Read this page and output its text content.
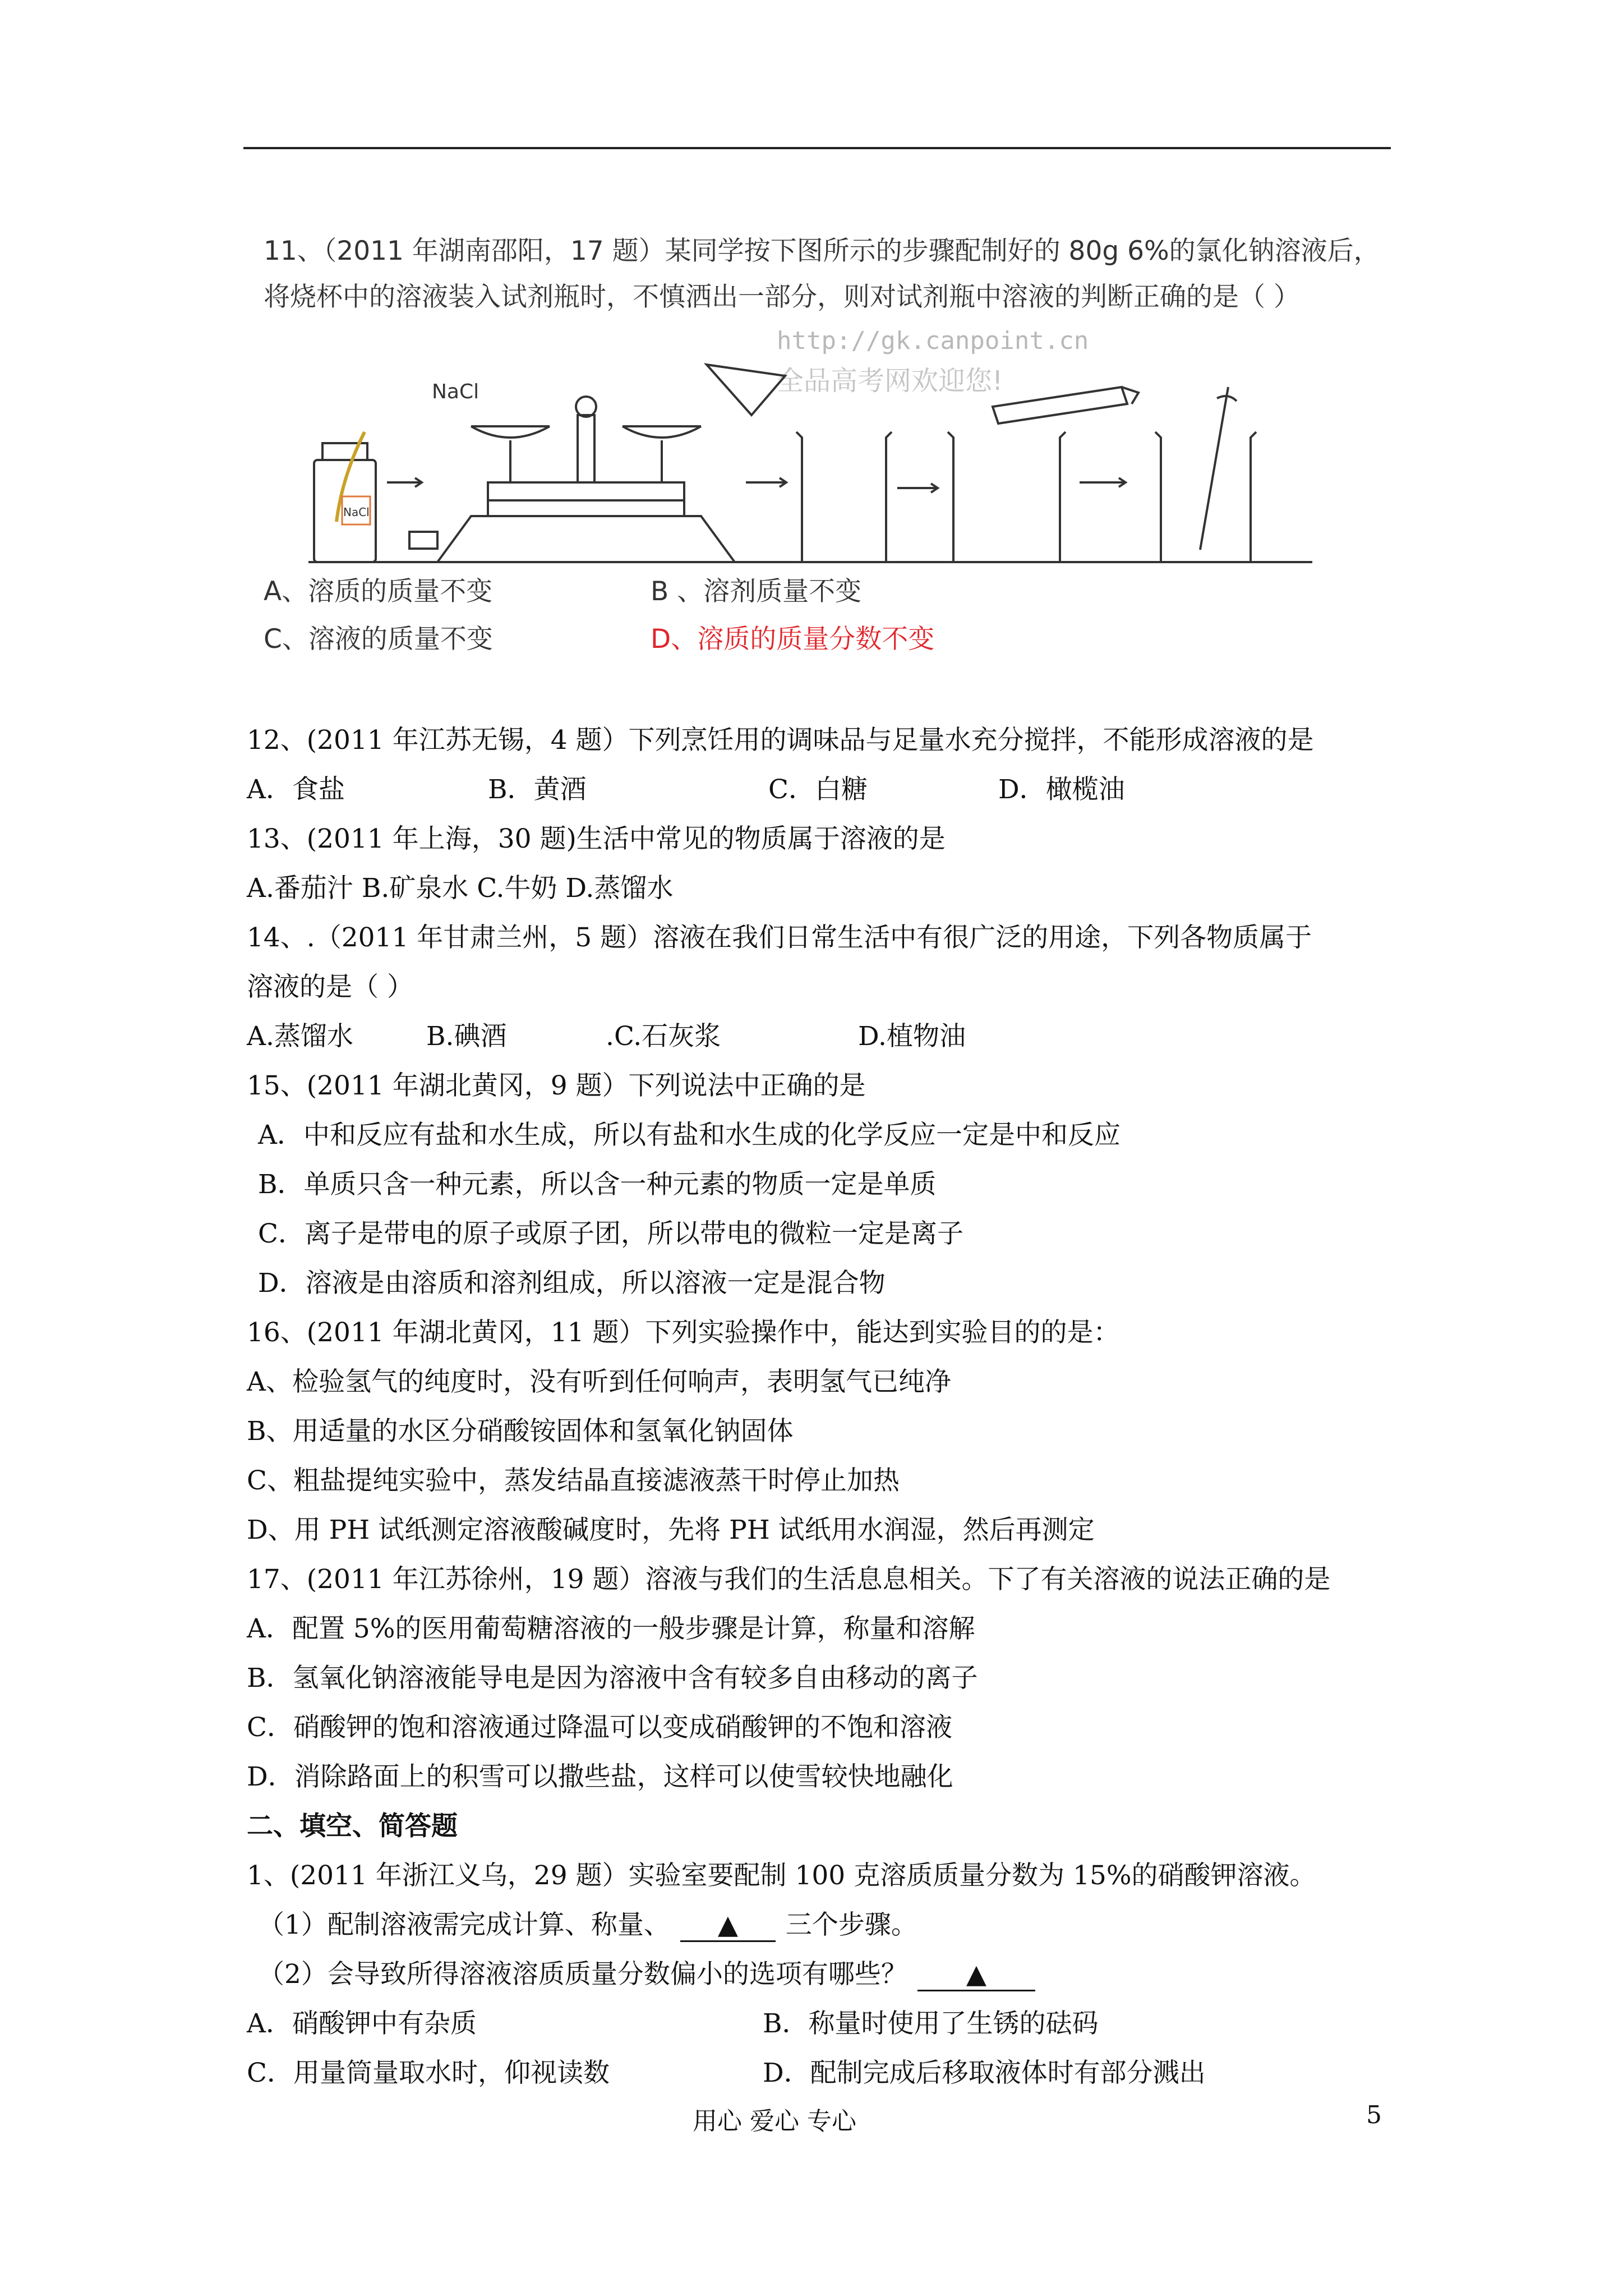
11、（2011 年湖南邵阳，17 题）某同学按下图所示的步骤配制好的 80g 6%的氯化钠溶液后，
将烧杯中的溶液装入试剂瓶时，不慎洒出一部分，则对试剂瓶中溶液的判断正确的是（ ）
http://gk.canpoint.cn
全品高考网欢迎您!
NaCl
NaCl
A、溶质的质量不变	B 、溶剂质量不变
C、溶液的质量不变	D、溶质的质量分数不变
12、(2011 年江苏无锡，4 题）下列烹饪用的调味品与足量水充分搅拌，不能形成溶液的是
A．食盐	B．黄酒	C．白糖	D．橄榄油
13、(2011 年上海，30 题)生活中常见的物质属于溶液的是
A.番茄汁 B.矿泉水 C.牛奶 D.蒸馏水
14、.（2011 年甘肃兰州，5 题）溶液在我们日常生活中有很广泛的用途，下列各物质属于
溶液的是（ ）
A.蒸馏水	B.碘酒	.C.石灰浆	D.植物油
15、(2011 年湖北黄冈，9 题）下列说法中正确的是
A．中和反应有盐和水生成，所以有盐和水生成的化学反应一定是中和反应
B．单质只含一种元素，所以含一种元素的物质一定是单质
C．离子是带电的原子或原子团，所以带电的微粒一定是离子
D．溶液是由溶质和溶剂组成，所以溶液一定是混合物
16、(2011 年湖北黄冈，11 题）下列实验操作中，能达到实验目的的是：
A、检验氢气的纯度时，没有听到任何响声，表明氢气已纯净
B、用适量的水区分硝酸铵固体和氢氧化钠固体
C、粗盐提纯实验中，蒸发结晶直接滤液蒸干时停止加热
D、用 PH 试纸测定溶液酸碱度时，先将 PH 试纸用水润湿，然后再测定
17、(2011 年江苏徐州，19 题）溶液与我们的生活息息相关。下了有关溶液的说法正确的是
A．配置 5%的医用葡萄糖溶液的一般步骤是计算，称量和溶解
B．氢氧化钠溶液能导电是因为溶液中含有较多自由移动的离子
C．硝酸钾的饱和溶液通过降温可以变成硝酸钾的不饱和溶液
D．消除路面上的积雪可以撒些盐，这样可以使雪较快地融化
二、填空、简答题
1、(2011 年浙江义乌，29 题）实验室要配制 100 克溶质质量分数为 15%的硝酸钾溶液。
（1）配制溶液需完成计算、称量、 ▲ 三个步骤。
（2）会导致所得溶液溶质质量分数偏小的选项有哪些？ ▲
A．硝酸钾中有杂质	B．称量时使用了生锈的砝码
C．用量筒量取水时，仰视读数	D．配制完成后移取液体时有部分溅出
用心 爱心 专心	5
